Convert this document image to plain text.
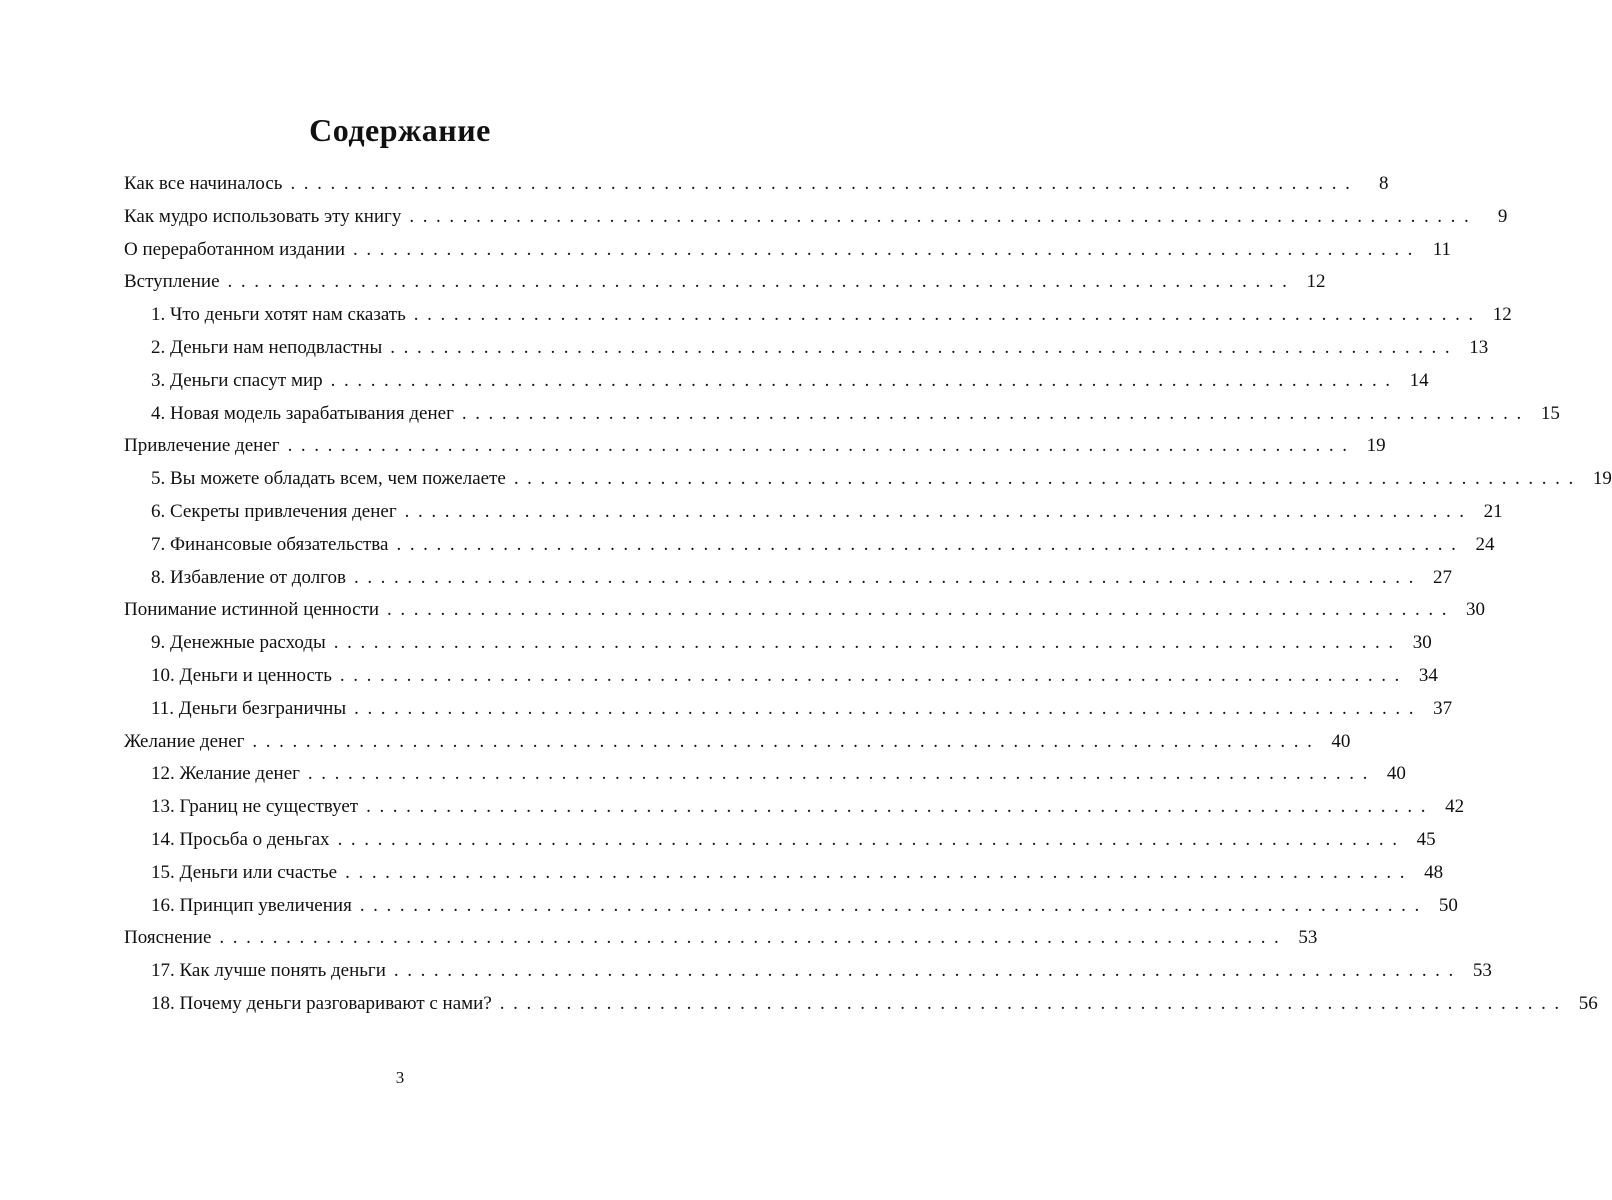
Содержание
Как все начиналось ................................................................................	8
Как мудро использовать эту книгу ................................................................................	9
О переработанном издании ................................................................................ 11
Вступление ................................................................................ 12
1. Что деньги хотят нам сказать ................................................................................ 12
2. Деньги нам неподвластны ................................................................................ 13
3. Деньги спасут мир ................................................................................ 14
4. Новая модель зарабатывания денег ................................................................................ 15
Привлечение денег ................................................................................ 19
5. Вы можете обладать всем, чем пожелаете ................................................................................ 19
6. Секреты привлечения денег ................................................................................ 21
7. Финансовые обязательства ................................................................................ 24
8. Избавление от долгов ................................................................................ 27
Понимание истинной ценности ................................................................................ 30
9. Денежные расходы ................................................................................ 30
10. Деньги и ценность ................................................................................ 34
11. Деньги безграничны ................................................................................ 37
Желание денег ................................................................................ 40
12. Желание денег ................................................................................ 40
13. Границ не существует ................................................................................ 42
14. Просьба о деньгах ................................................................................ 45
15. Деньги или счастье ................................................................................ 48
16. Принцип увеличения ................................................................................ 50
Пояснение ................................................................................ 53
17. Как лучше понять деньги ................................................................................ 53
18. Почему деньги разговаривают с нами? ................................................................................ 56
3
